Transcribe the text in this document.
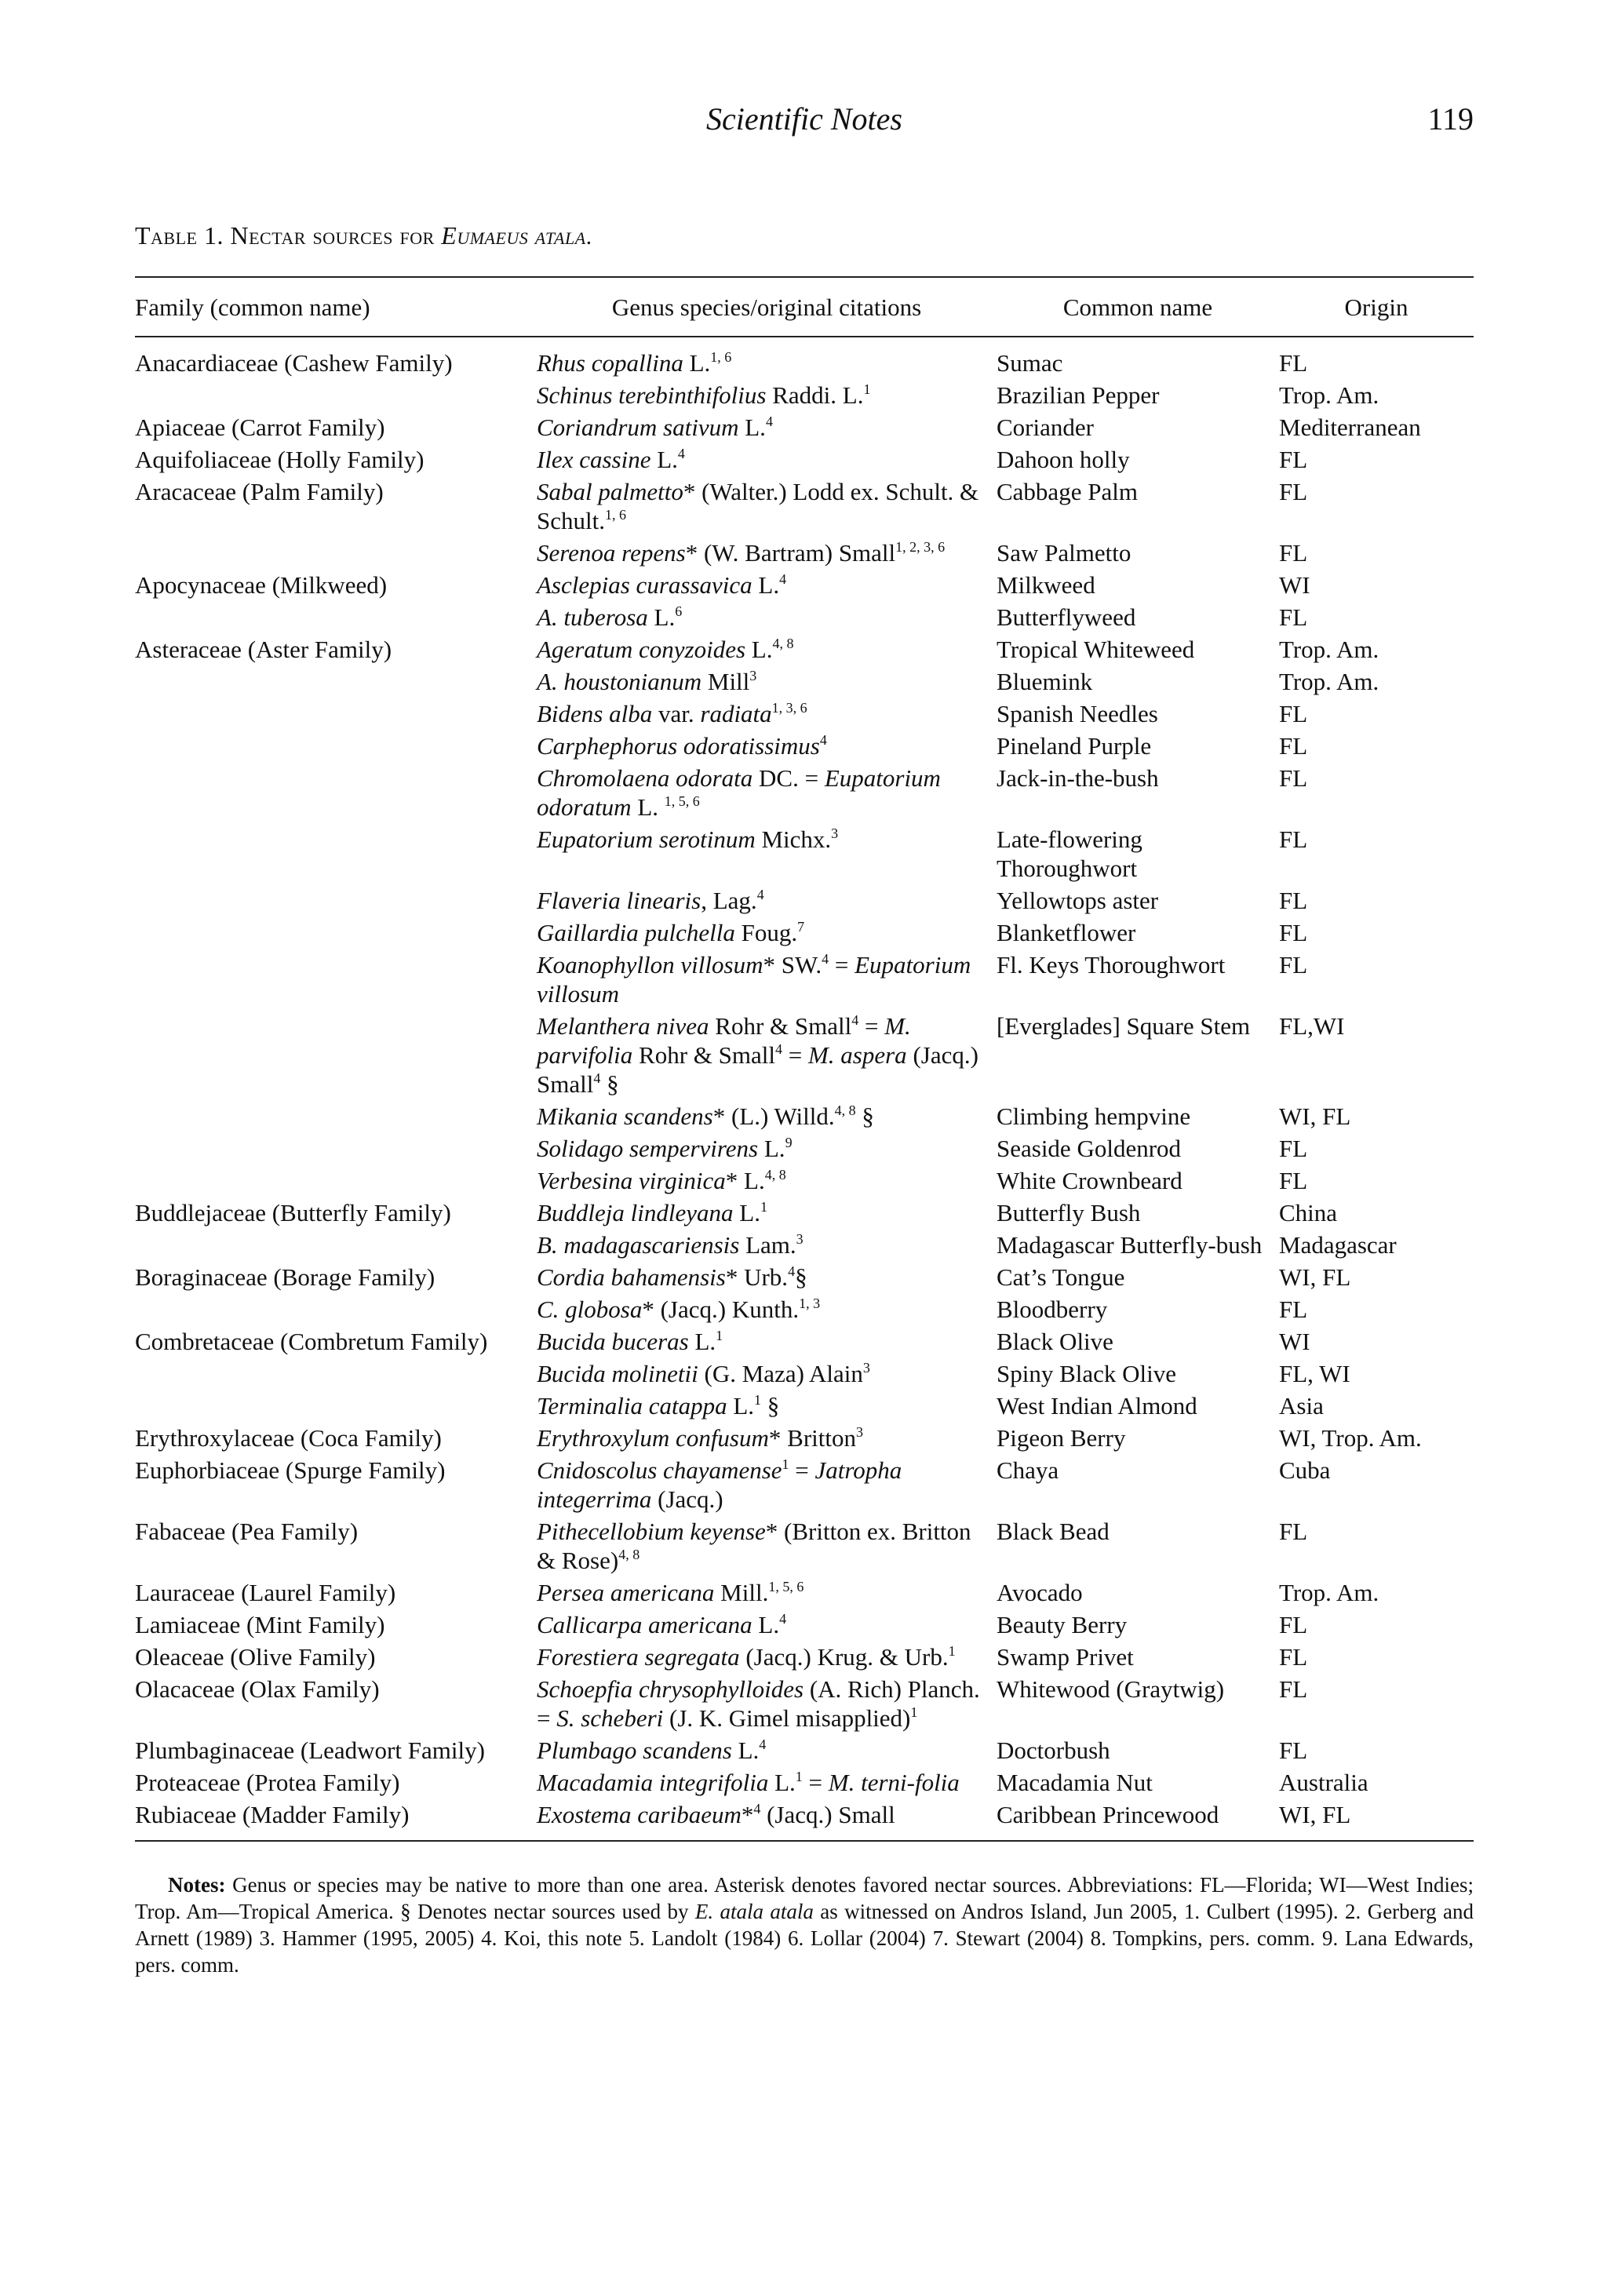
Scientific Notes	119
Table 1. Nectar sources for Eumaeus atala.
Family (common name)	Genus species/original citations	Common name	Origin
Anacardiaceae (Cashew Family)	Rhus copallina L.$^{1, 6}$	Sumac	FL
	Schinus terebinthifolius Raddi. L.$^1$	Brazilian Pepper	Trop. Am.
Apiaceae (Carrot Family)	Coriandrum sativum L.$^4$	Coriander	Mediterranean
Aquifoliaceae (Holly Family)	Ilex cassine L.$^4$	Dahoon holly	FL
Aracaceae (Palm Family)	Sabal palmetto* (Walter.) Lodd ex. Schult. & Schult.$^{1, 6}$	Cabbage Palm	FL
	Serenoa repens* (W. Bartram) Small$^{1, 2, 3, 6}$	Saw Palmetto	FL
Apocynaceae (Milkweed)	Asclepias curassavica L.$^4$	Milkweed	WI
	A. tuberosa L.$^6$	Butterflyweed	FL
Asteraceae (Aster Family)	Ageratum conyzoides L.$^{4, 8}$	Tropical Whiteweed	Trop. Am.
	A. houstonianum Mill$^3$	Bluemink	Trop. Am.
	Bidens alba var. radiata$^{1, 3, 6}$	Spanish Needles	FL
	Carphephorus odoratissimus$^4$	Pineland Purple	FL
	Chromolaena odorata DC. = Eupatorium odoratum L. $^{1, 5, 6}$	Jack-in-the-bush	FL
	Eupatorium serotinum Michx.$^3$	Late-flowering Thoroughwort	FL
	Flaveria linearis, Lag.$^4$	Yellowtops aster	FL
	Gaillardia pulchella Foug.$^7$	Blanketflower	FL
	Koanophyllon villosum* SW.$^4$ = Eupatorium villosum	Fl. Keys Thoroughwort	FL
	Melanthera nivea Rohr & Small$^4$ = M. parvifolia Rohr & Small$^4$ = M. aspera (Jacq.) Small$^4$ §	[Everglades] Square Stem	FL,WI
	Mikania scandens* (L.) Willd.$^{4, 8}$ §	Climbing hempvine	WI, FL
	Solidago sempervirens L.$^9$	Seaside Goldenrod	FL
	Verbesina virginica* L.$^{4, 8}$	White Crownbeard	FL
Buddlejaceae (Butterfly Family)	Buddleja lindleyana L.$^1$	Butterfly Bush	China
	B. madagascariensis Lam.$^3$	Madagascar Butterfly-bush	Madagascar
Boraginaceae (Borage Family)	Cordia bahamensis* Urb.$^4$§	Cat’s Tongue	WI, FL
	C. globosa* (Jacq.) Kunth.$^{1, 3}$	Bloodberry	FL
Combretaceae (Combretum Family)	Bucida buceras L.$^1$	Black Olive	WI
	Bucida molinetii (G. Maza) Alain$^3$	Spiny Black Olive	FL, WI
	Terminalia catappa L.$^1$ §	West Indian Almond	Asia
Erythroxylaceae (Coca Family)	Erythroxylum confusum* Britton$^3$	Pigeon Berry	WI, Trop. Am.
Euphorbiaceae (Spurge Family)	Cnidoscolus chayamense$^1$ = Jatropha integerrima (Jacq.)	Chaya	Cuba
Fabaceae (Pea Family)	Pithecellobium keyense* (Britton ex. Britton & Rose)$^{4, 8}$	Black Bead	FL
Lauraceae (Laurel Family)	Persea americana Mill.$^{1, 5, 6}$	Avocado	Trop. Am.
Lamiaceae (Mint Family)	Callicarpa americana L.$^4$	Beauty Berry	FL
Oleaceae (Olive Family)	Forestiera segregata (Jacq.) Krug. & Urb.$^1$	Swamp Privet	FL
Olacaceae (Olax Family)	Schoepfia chrysophylloides (A. Rich) Planch. = S. scheberi (J. K. Gimel misapplied)$^1$	Whitewood (Graytwig)	FL
Plumbaginaceae (Leadwort Family)	Plumbago scandens L.$^4$	Doctorbush	FL
Proteaceae (Protea Family)	Macadamia integrifolia L.$^1$ = M. terni-folia	Macadamia Nut	Australia
Rubiaceae (Madder Family)	Exostema caribaeum*$^4$ (Jacq.) Small	Caribbean Princewood	WI, FL
Notes: Genus or species may be native to more than one area. Asterisk denotes favored nectar sources. Abbreviations: FL—Florida; WI—West Indies; Trop. Am—Tropical America. § Denotes nectar sources used by E. atala atala as witnessed on Andros Island, Jun 2005, 1. Culbert (1995). 2. Gerberg and Arnett (1989) 3. Hammer (1995, 2005) 4. Koi, this note 5. Landolt (1984) 6. Lollar (2004) 7. Stewart (2004) 8. Tompkins, pers. comm. 9. Lana Edwards, pers. comm.
